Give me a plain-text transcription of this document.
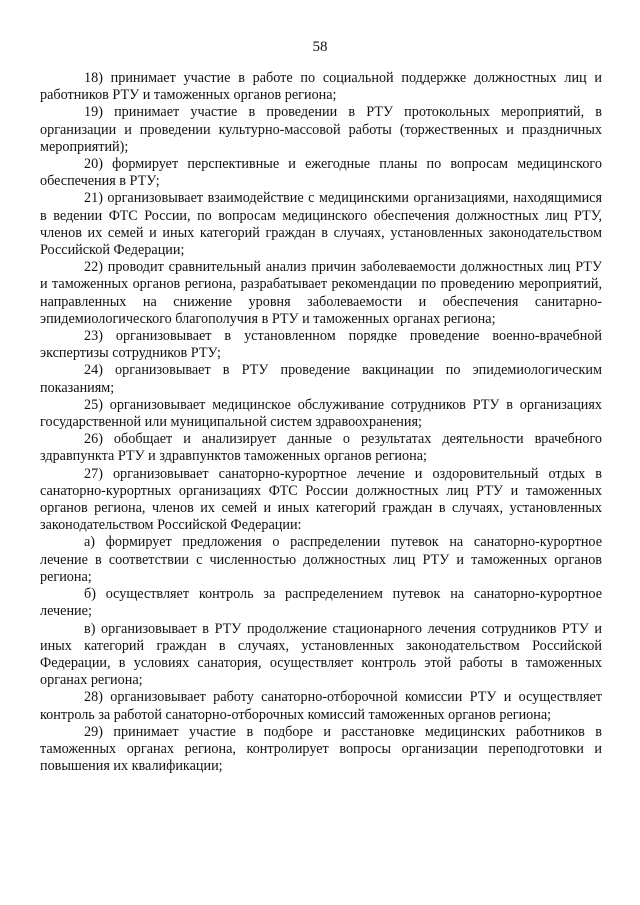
58

18) принимает участие в работе по социальной поддержке должностных лиц и работников РТУ и таможенных органов региона;

19) принимает участие в проведении в РТУ протокольных мероприятий, в организации и проведении культурно-массовой работы (торжественных и праздничных мероприятий);

20) формирует перспективные и ежегодные планы по вопросам медицинского обеспечения в РТУ;

21) организовывает взаимодействие с медицинскими организациями, находящимися в ведении ФТС России, по вопросам медицинского обеспечения должностных лиц РТУ, членов их семей и иных категорий граждан в случаях, установленных законодательством Российской Федерации;

22) проводит сравнительный анализ причин заболеваемости должностных лиц РТУ и таможенных органов региона, разрабатывает рекомендации по проведению мероприятий, направленных на снижение уровня заболеваемости и обеспечения санитарно-эпидемиологического благополучия в РТУ и таможенных органах региона;

23) организовывает в установленном порядке проведение военно-врачебной экспертизы сотрудников РТУ;

24) организовывает в РТУ проведение вакцинации по эпидемиологическим показаниям;

25) организовывает медицинское обслуживание сотрудников РТУ в организациях государственной или муниципальной систем здравоохранения;

26) обобщает и анализирует данные о результатах деятельности врачебного здравпункта РТУ и здравпунктов таможенных органов региона;

27) организовывает санаторно-курортное лечение и оздоровительный отдых в санаторно-курортных организациях ФТС России должностных лиц РТУ и таможенных органов региона, членов их семей и иных категорий граждан в случаях, установленных законодательством Российской Федерации:

а) формирует предложения о распределении путевок на санаторно-курортное лечение в соответствии с численностью должностных лиц РТУ и таможенных органов региона;

б) осуществляет контроль за распределением путевок на санаторно-курортное лечение;

в) организовывает в РТУ продолжение стационарного лечения сотрудников РТУ и иных категорий граждан в случаях, установленных законодательством Российской Федерации, в условиях санатория, осуществляет контроль этой работы в таможенных органах региона;

28) организовывает работу санаторно-отборочной комиссии РТУ и осуществляет контроль за работой санаторно-отборочных комиссий таможенных органов региона;

29) принимает участие в подборе и расстановке медицинских работников в таможенных органах региона, контролирует вопросы организации переподготовки и повышения их квалификации;
